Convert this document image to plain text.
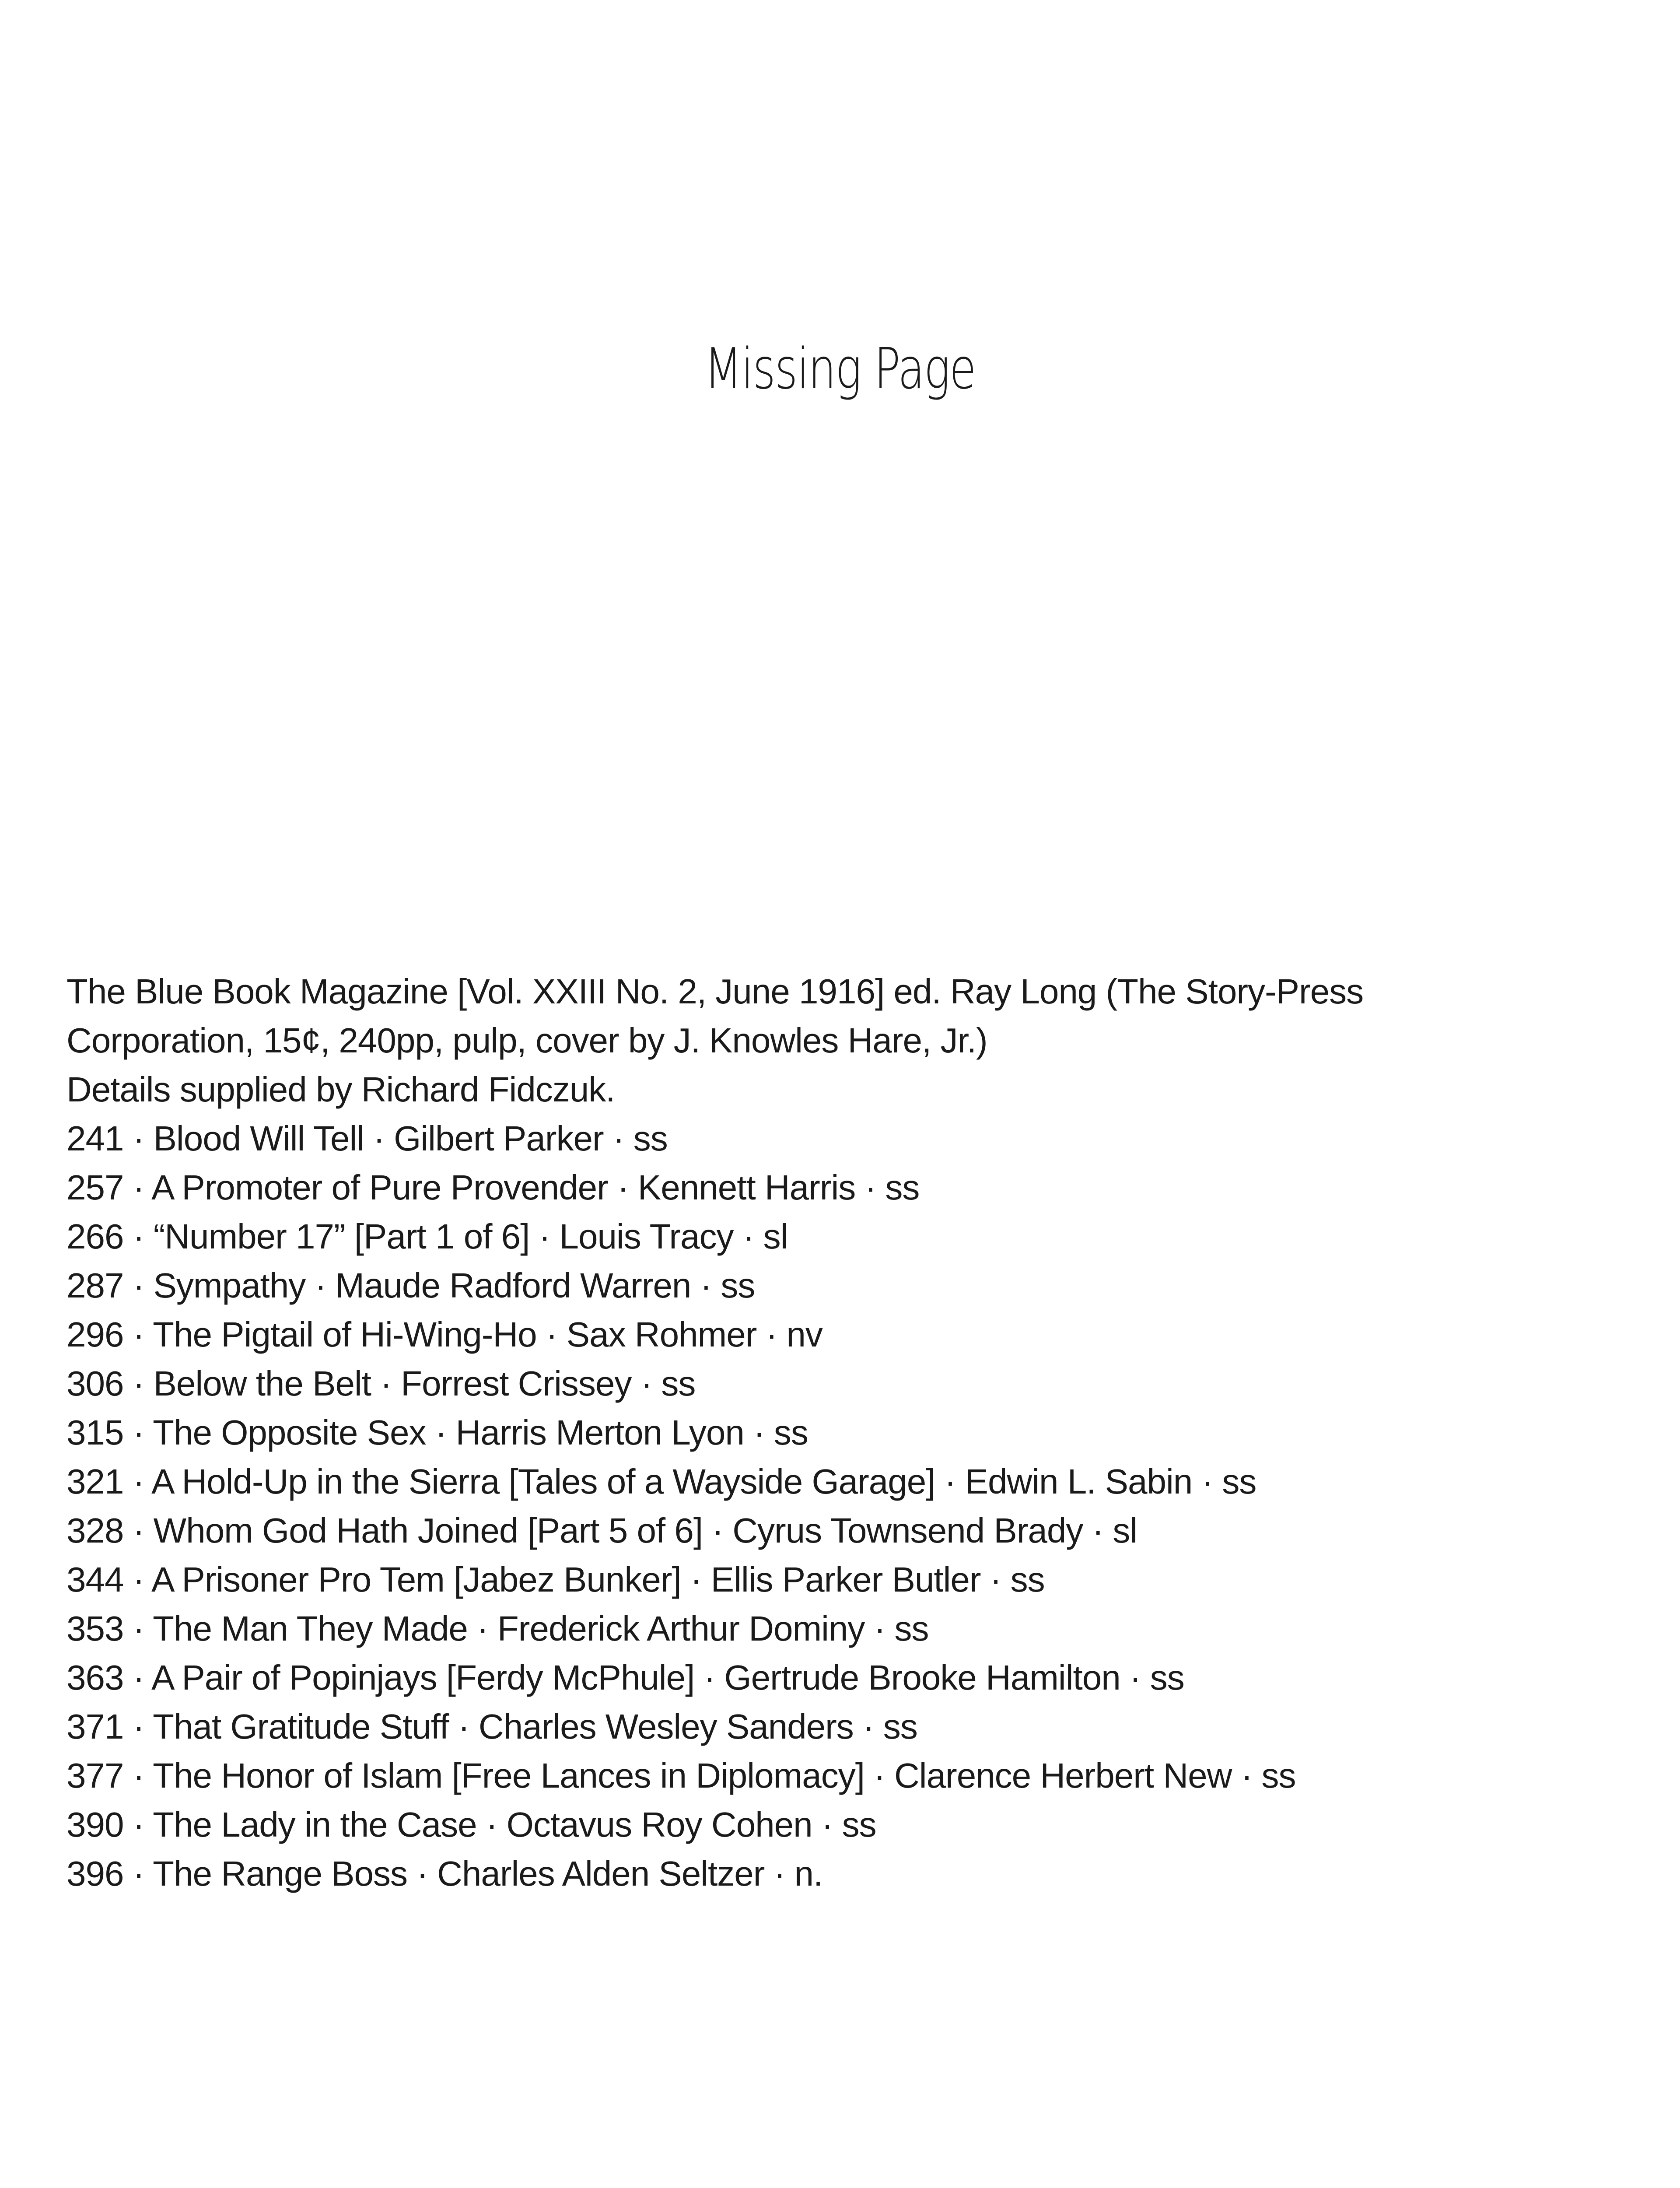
Missing Page

The Blue Book Magazine [Vol. XXIII No. 2, June 1916] ed. Ray Long (The Story-Press

Corporation, 15¢, 240pp, pulp, cover by J. Knowles Hare, Jr.)

Details supplied by Richard Fidczuk.

241 · Blood Will Tell · Gilbert Parker · ss
257 · A Promoter of Pure Provender · Kennett Harris · ss
266 · “Number 17” [Part 1 of 6] · Louis Tracy · sl
287 · Sympathy · Maude Radford Warren · ss
296 · The Pigtail of Hi-Wing-Ho · Sax Rohmer · nv
306 · Below the Belt · Forrest Crissey · ss
315 · The Opposite Sex · Harris Merton Lyon · ss
321 · A Hold-Up in the Sierra [Tales of a Wayside Garage] · Edwin L. Sabin · ss
328 · Whom God Hath Joined [Part 5 of 6] · Cyrus Townsend Brady · sl
344 · A Prisoner Pro Tem [Jabez Bunker] · Ellis Parker Butler · ss
353 · The Man They Made · Frederick Arthur Dominy · ss
363 · A Pair of Popinjays [Ferdy McPhule] · Gertrude Brooke Hamilton · ss
371 · That Gratitude Stuff · Charles Wesley Sanders · ss
377 · The Honor of Islam [Free Lances in Diplomacy] · Clarence Herbert New · ss
390 · The Lady in the Case · Octavus Roy Cohen · ss
396 · The Range Boss · Charles Alden Seltzer · n.
